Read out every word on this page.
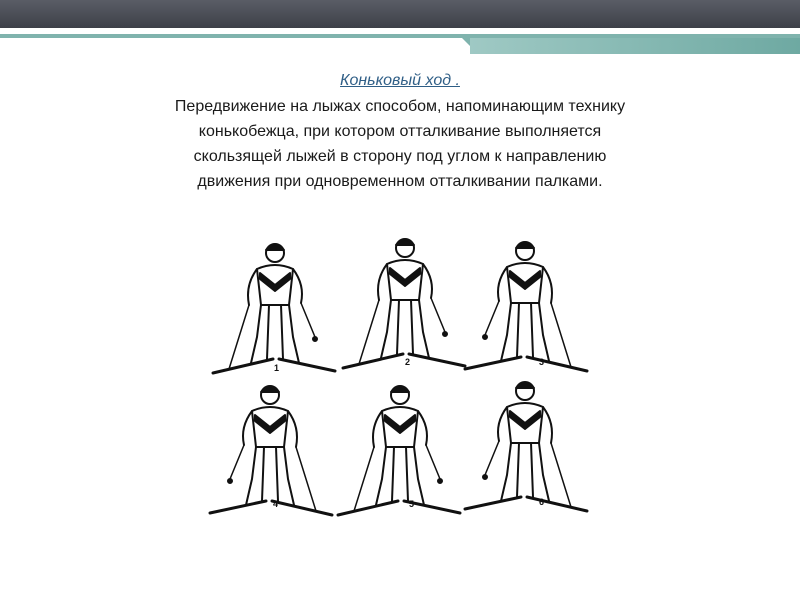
Коньковый ход .
Передвижение на лыжах способом, напоминающим технику
конькобежца, при котором отталкивание выполняется
скользящей лыжей в сторону под углом к направлению
движения при одновременном отталкивании палками.
1
2	3
4	5	6
